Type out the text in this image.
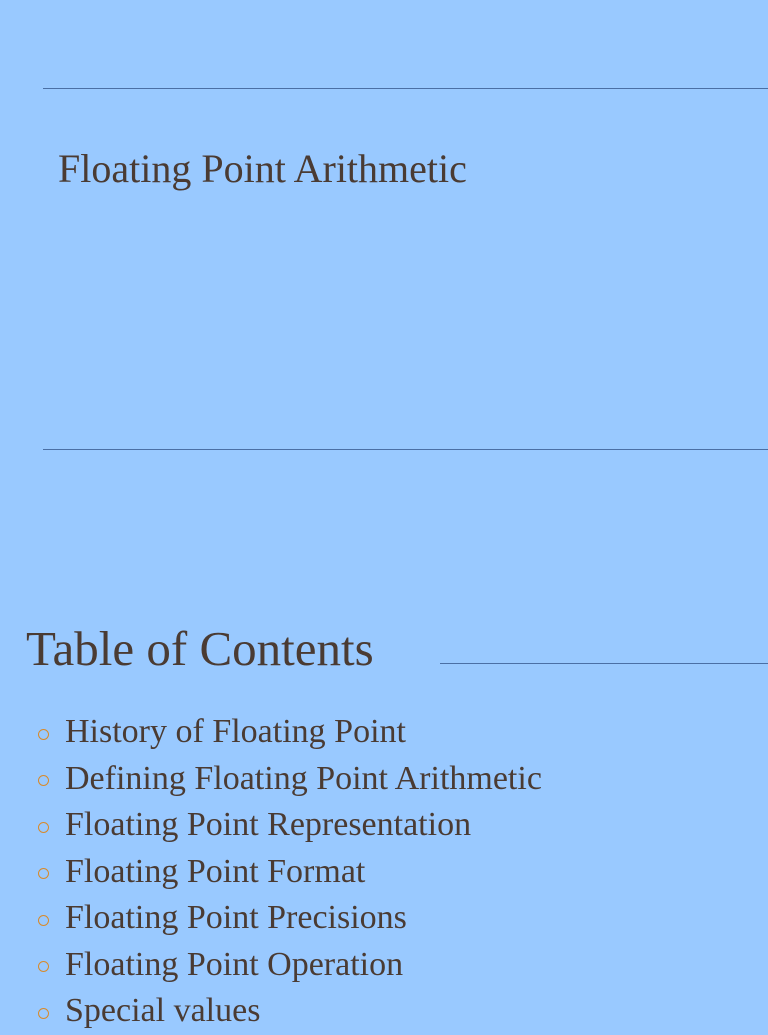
Floating Point Arithmetic
Table of Contents
History of Floating Point
Defining Floating Point Arithmetic
Floating Point Representation
Floating Point Format
Floating Point Precisions
Floating Point Operation
Special values
